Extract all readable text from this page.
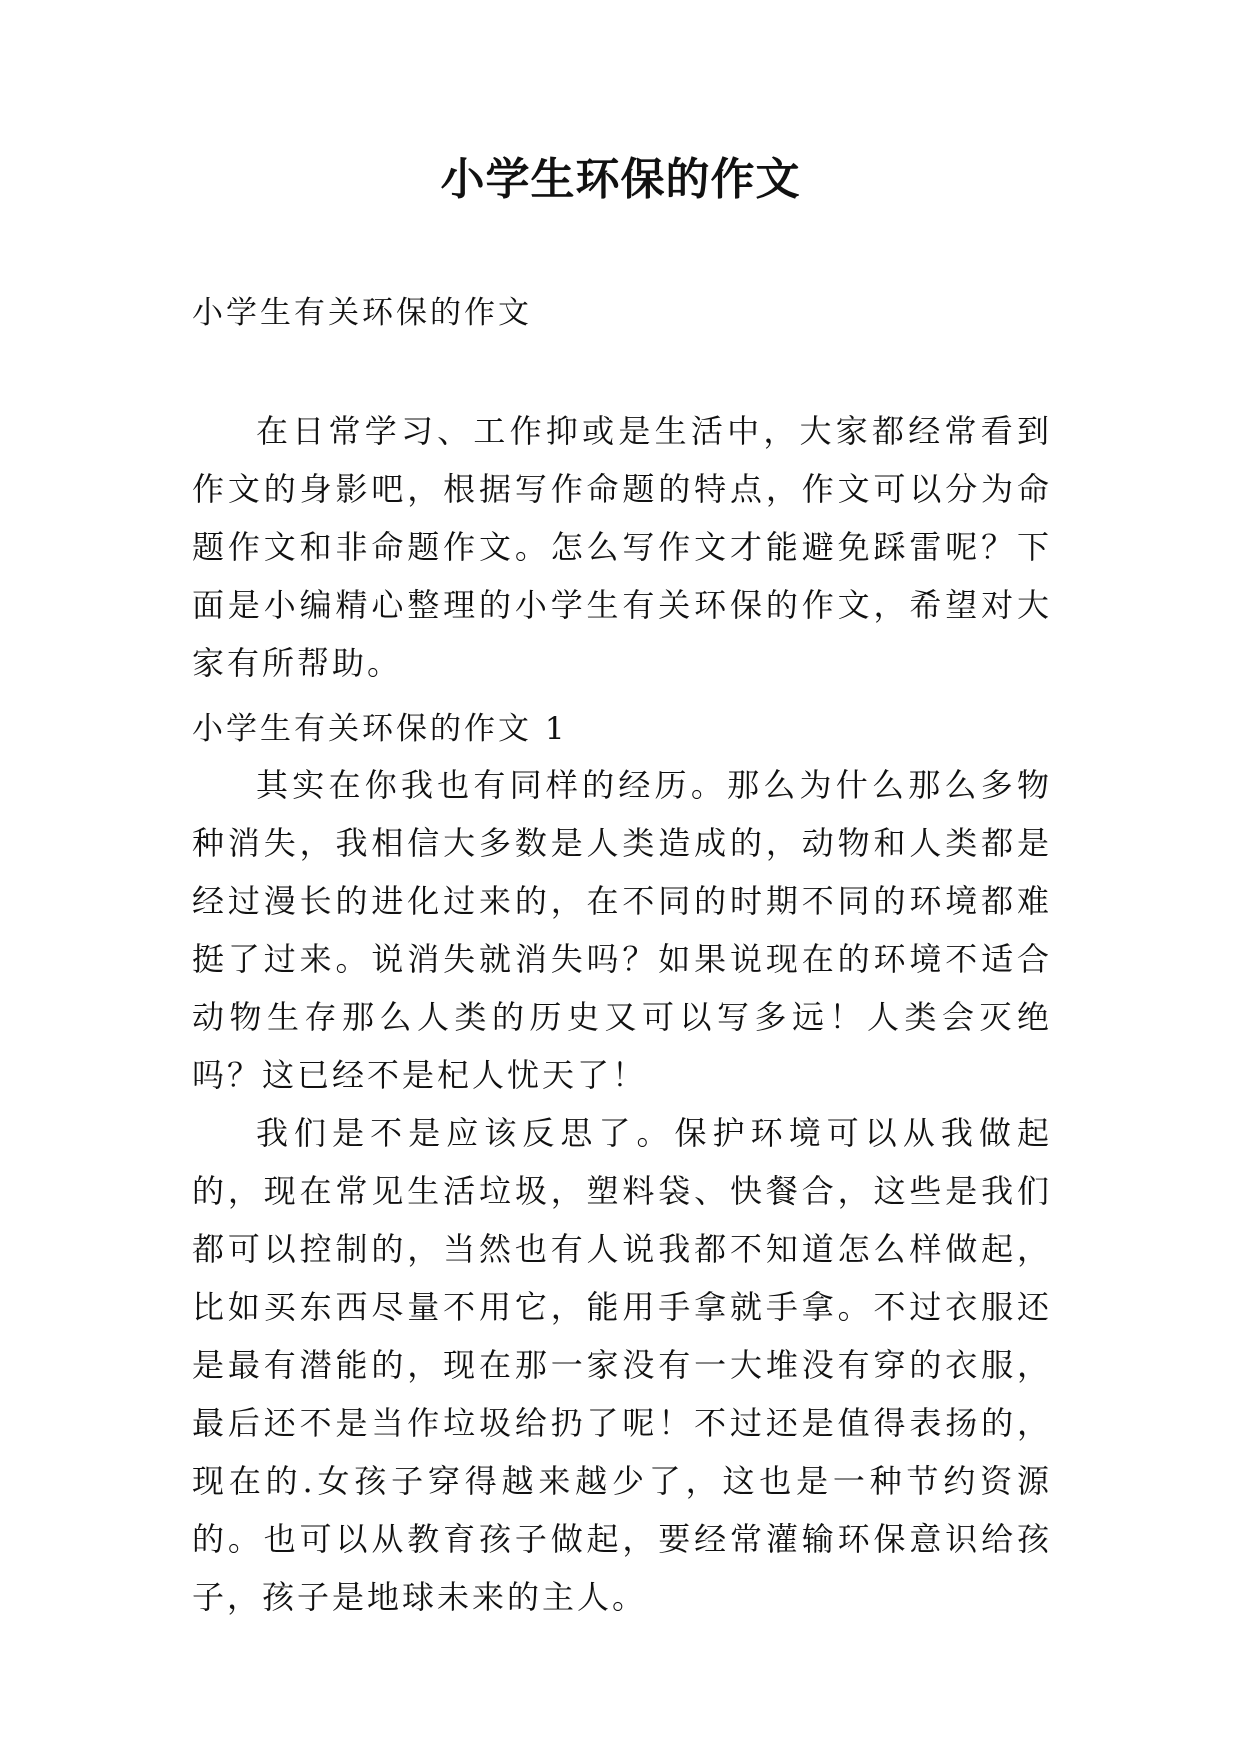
小学生环保的作文
小学生有关环保的作文

在日常学习、工作抑或是生活中，大家都经常看到作文的身影吧，根据写作命题的特点，作文可以分为命题作文和非命题作文。怎么写作文才能避免踩雷呢？下面是小编精心整理的小学生有关环保的作文，希望对大家有所帮助。

小学生有关环保的作文 1

其实在你我也有同样的经历。那么为什么那么多物种消失，我相信大多数是人类造成的，动物和人类都是经过漫长的进化过来的，在不同的时期不同的环境都难挺了过来。说消失就消失吗？如果说现在的环境不适合动物生存那么人类的历史又可以写多远！人类会灭绝吗？这已经不是杞人忧天了！

我们是不是应该反思了。保护环境可以从我做起的，现在常见生活垃圾，塑料袋、快餐合，这些是我们都可以控制的，当然也有人说我都不知道怎么样做起，比如买东西尽量不用它，能用手拿就手拿。不过衣服还是最有潜能的，现在那一家没有一大堆没有穿的衣服，最后还不是当作垃圾给扔了呢！不过还是值得表扬的，现在的.女孩子穿得越来越少了，这也是一种节约资源的。也可以从教育孩子做起，要经常灌输环保意识给孩子，孩子是地球未来的主人。
